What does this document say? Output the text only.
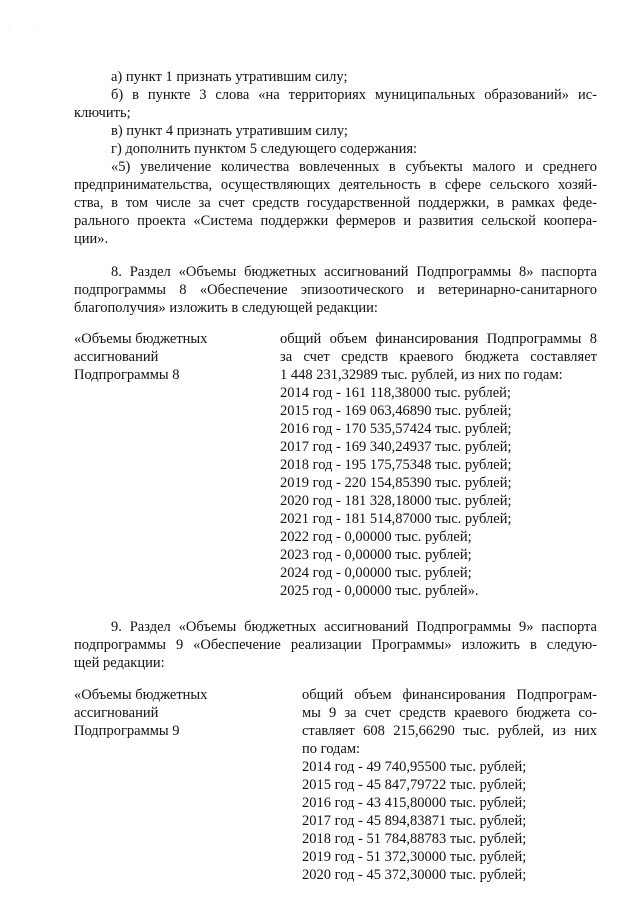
· ·
а) пункт 1 признать утратившим силу;
б) в пункте 3 слова «на территориях муниципальных образований» ис-
ключить;
в) пункт 4 признать утратившим силу;
г) дополнить пунктом 5 следующего содержания:
«5) увеличение количества вовлеченных в субъекты малого и среднего
предпринимательства, осуществляющих деятельность в сфере сельского хозяй-
ства, в том числе за счет средств государственной поддержки, в рамках феде-
рального проекта «Система поддержки фермеров и развития сельской коопера-
ции».
8. Раздел «Объемы бюджетных ассигнований Подпрограммы 8» паспорта
подпрограммы 8 «Обеспечение эпизоотического и ветеринарно-санитарного
благополучия» изложить в следующей редакции:
«Объемы бюджетных
ассигнований
Подпрограммы 8
общий объем финансирования Подпрограммы 8
за счет средств краевого бюджета составляет
1 448 231,32989 тыс. рублей, из них по годам:
2014 год - 161 118,38000 тыс. рублей;
2015 год - 169 063,46890 тыс. рублей;
2016 год - 170 535,57424 тыс. рублей;
2017 год - 169 340,24937 тыс. рублей;
2018 год - 195 175,75348 тыс. рублей;
2019 год - 220 154,85390 тыс. рублей;
2020 год - 181 328,18000 тыс. рублей;
2021 год - 181 514,87000 тыс. рублей;
2022 год - 0,00000 тыс. рублей;
2023 год - 0,00000 тыс. рублей;
2024 год - 0,00000 тыс. рублей;
2025 год - 0,00000 тыс. рублей».
9. Раздел «Объемы бюджетных ассигнований Подпрограммы 9» паспорта
подпрограммы 9 «Обеспечение реализации Программы» изложить в следую-
щей редакции:
«Объемы бюджетных
ассигнований
Подпрограммы 9
общий объем финансирования Подпрограм-
мы 9 за счет средств краевого бюджета со-
ставляет 608 215,66290 тыс. рублей, из них
по годам:
2014 год - 49 740,95500 тыс. рублей;
2015 год - 45 847,79722 тыс. рублей;
2016 год - 43 415,80000 тыс. рублей;
2017 год - 45 894,83871 тыс. рублей;
2018 год - 51 784,88783 тыс. рублей;
2019 год - 51 372,30000 тыс. рублей;
2020 год - 45 372,30000 тыс. рублей;
